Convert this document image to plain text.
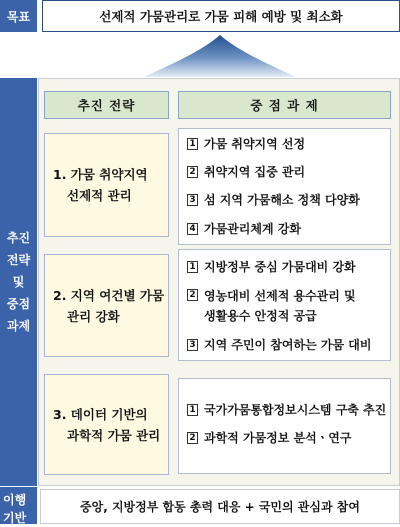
목표	선제적 가뭄관리로 가뭄 피해 예방 및 최소화
추진
전략
및
중점
과제
추진 전략	중 점 과 제
1. 가뭄 취약지역
선제적 관리
1 가뭄 취약지역 선정
2 취약지역 집중 관리
3 섬 지역 가뭄해소 정책 다양화
4 가뭄관리체계 강화
2. 지역 여건별 가뭄
관리 강화
1 지방정부 중심 가뭄대비 강화
2 영농대비 선제적 용수관리 및
생활용수 안정적 공급
3 지역 주민이 참여하는 가뭄 대비
3. 데이터 기반의
과학적 가뭄 관리
1 국가가뭄통합정보시스템 구축 추진
2 과학적 가뭄정보 분석ㆍ연구
이행
기반
중앙, 지방정부 합동 총력 대응 + 국민의 관심과 참여
